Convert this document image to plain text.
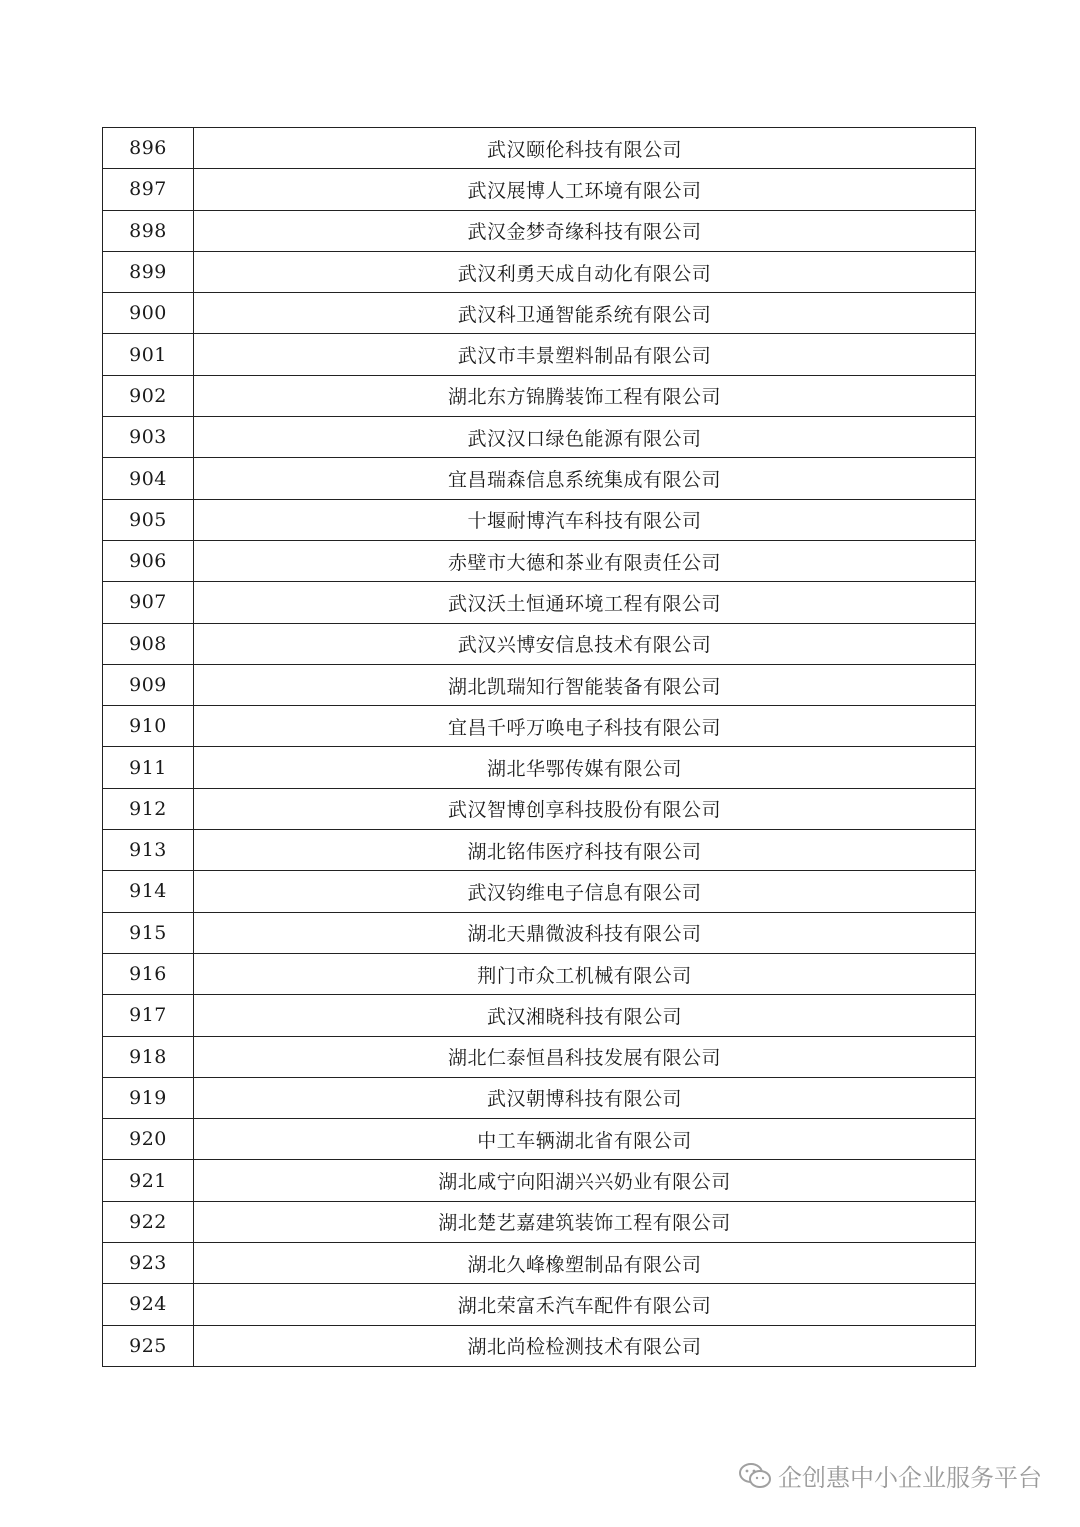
896	武汉颐伦科技有限公司
897	武汉展博人工环境有限公司
898	武汉金梦奇缘科技有限公司
899	武汉利勇天成自动化有限公司
900	武汉科卫通智能系统有限公司
901	武汉市丰景塑料制品有限公司
902	湖北东方锦腾装饰工程有限公司
903	武汉汉口绿色能源有限公司
904	宜昌瑞森信息系统集成有限公司
905	十堰耐博汽车科技有限公司
906	赤壁市大德和茶业有限责任公司
907	武汉沃土恒通环境工程有限公司
908	武汉兴博安信息技术有限公司
909	湖北凯瑞知行智能装备有限公司
910	宜昌千呼万唤电子科技有限公司
911	湖北华鄂传媒有限公司
912	武汉智博创享科技股份有限公司
913	湖北铭伟医疗科技有限公司
914	武汉钧维电子信息有限公司
915	湖北天鼎微波科技有限公司
916	荆门市众工机械有限公司
917	武汉湘晓科技有限公司
918	湖北仁泰恒昌科技发展有限公司
919	武汉朝博科技有限公司
920	中工车辆湖北省有限公司
921	湖北咸宁向阳湖兴兴奶业有限公司
922	湖北楚艺嘉建筑装饰工程有限公司
923	湖北久峰橡塑制品有限公司
924	湖北荣富禾汽车配件有限公司
925	湖北尚检检测技术有限公司
企创惠中小企业服务平台
